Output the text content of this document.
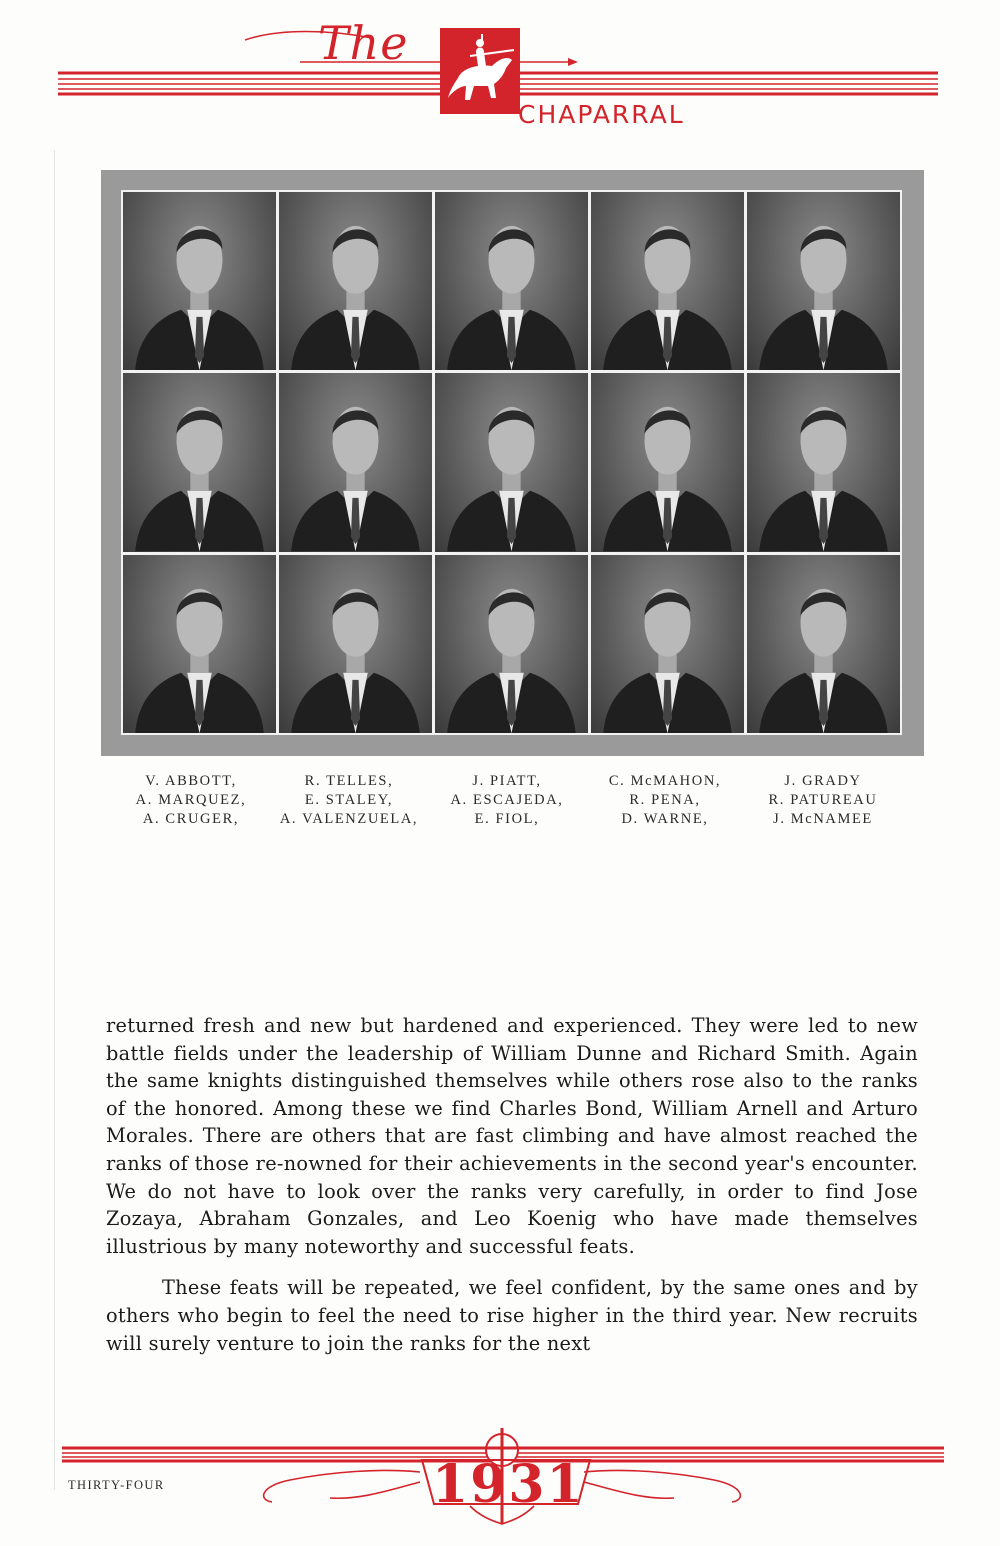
The
CHAPARRAL
V. ABBOTT,	R. TELLES,	J. PIATT,	C. McMAHON,	J. GRADY
A. MARQUEZ,	E. STALEY,	A. ESCAJEDA,	R. PENA,	R. PATUREAU
A. CRUGER,	A. VALENZUELA,	E. FIOL,	D. WARNE,	J. McNAMEE

returned fresh and new but hardened and experienced. They were led to new battle fields under the leadership of William Dunne and Richard Smith. Again the same knights distinguished themselves while others rose also to the ranks of the honored. Among these we find Charles Bond, William Arnell and Arturo Morales. There are others that are fast climbing and have almost reached the ranks of those re-nowned for their achievements in the second year's encounter. We do not have to look over the ranks very carefully, in order to find Jose Zozaya, Abraham Gonzales, and Leo Koenig who have made themselves illustrious by many noteworthy and successful feats.

These feats will be repeated, we feel confident, by the same ones and by others who begin to feel the need to rise higher in the third year. New recruits will surely venture to join the ranks for the next

THIRTY-FOUR	1931
